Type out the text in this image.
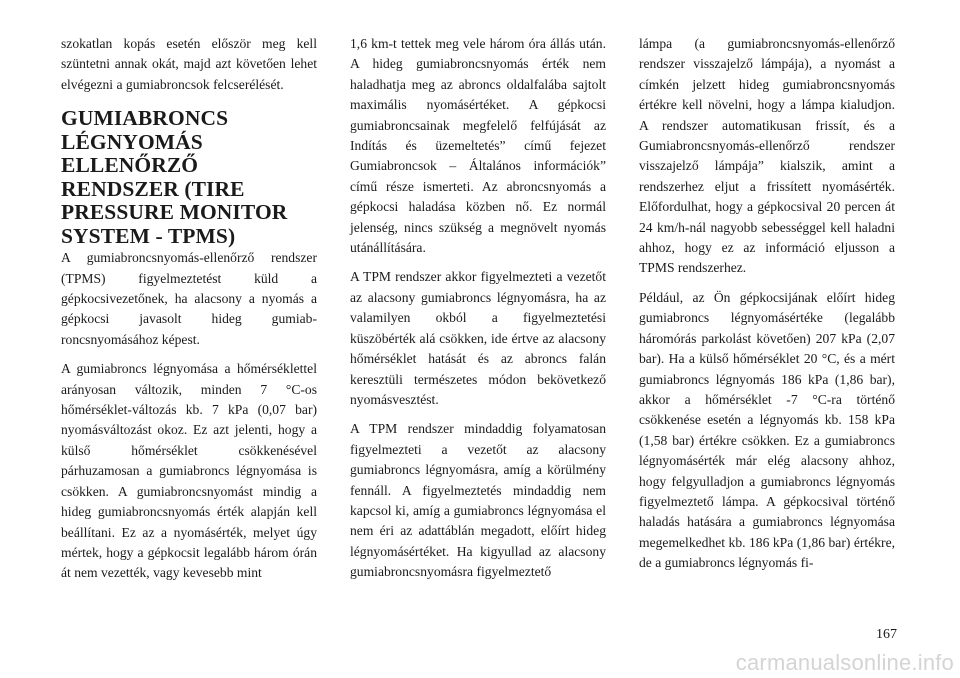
szokatlan kopás esetén először meg kell szüntetni annak okát, majd azt követően lehet elvégezni a gumiabroncsok felcserélését.

GUMIABRONCS LÉGNYOMÁS ELLENŐRZŐ RENDSZER (TIRE PRESSURE MONITOR SYSTEM - TPMS)

A gumiabroncsnyomás-ellenőrző rendszer (TPMS) figyelmeztetést küld a gépkocsivezetőnek, ha alacsony a nyomás a gépkocsi javasolt hideg gumiabroncsnyomásához képest.

A gumiabroncs légnyomása a hőmérséklettel arányosan változik, minden 7 °C-os hőmérséklet-változás kb. 7 kPa (0,07 bar) nyomásváltozást okoz. Ez azt jelenti, hogy a külső hőmérséklet csökkenésével párhuzamosan a gumiabroncs légnyomása is csökken. A gumiabroncsnyomást mindig a hideg gumiabroncsnyomás érték alapján kell beállítani. Ez az a nyomásérték, melyet úgy mértek, hogy a gépkocsit legalább három órán át nem vezették, vagy kevesebb mint

1,6 km-t tettek meg vele három óra állás után. A hideg gumiabroncsnyomás érték nem haladhatja meg az abroncs oldalfalába sajtolt maximális nyomásértéket. A gépkocsi gumiabroncsainak megfelelő felfújását az Indítás és üzemeltetés” című fejezet Gumiabroncsok – Általános információk” című része ismerteti. Az abroncsnyomás a gépkocsi haladása közben nő. Ez normál jelenség, nincs szükség a megnövelt nyomás utánállítására.

A TPM rendszer akkor figyelmezteti a vezetőt az alacsony gumiabroncs légnyomásra, ha az valamilyen okból a figyelmeztetési küszöbérték alá csökken, ide értve az alacsony hőmérséklet hatását és az abroncs falán keresztüli természetes módon bekövetkező nyomásvesztést.

A TPM rendszer mindaddig folyamatosan figyelmezteti a vezetőt az alacsony gumiabroncs légnyomásra, amíg a körülmény fennáll. A figyelmeztetés mindaddig nem kapcsol ki, amíg a gumiabroncs légnyomása el nem éri az adattáblán megadott, előírt hideg légnyomásértéket. Ha kigyullad az alacsony gumiabroncsnyomásra figyelmeztető

lámpa (a gumiabroncsnyomás-ellenőrző rendszer visszajelző lámpája), a nyomást a címkén jelzett hideg gumiabroncsnyomás értékre kell növelni, hogy a lámpa kialudjon. A rendszer automatikusan frissít, és a Gumiabroncsnyomás-ellenőrző rendszer visszajelző lámpája” kialszik, amint a rendszerhez eljut a frissített nyomásérték. Előfordulhat, hogy a gépkocsival 20 percen át 24 km/h-nál nagyobb sebességgel kell haladni ahhoz, hogy ez az információ eljusson a TPMS rendszerhez.

Például, az Ön gépkocsijának előírt hideg gumiabroncs légnyomásértéke (legalább háromórás parkolást követően) 207 kPa (2,07 bar). Ha a külső hőmérséklet 20 °C, és a mért gumiabroncs légnyomás 186 kPa (1,86 bar), akkor a hőmérséklet -7 °C-ra történő csökkenése esetén a légnyomás kb. 158 kPa (1,58 bar) értékre csökken. Ez a gumiabroncs légnyomásérték már elég alacsony ahhoz, hogy felgyulladjon a gumiabroncs légnyomás figyelmeztető lámpa. A gépkocsival történő haladás hatására a gumiabroncs légnyomása megemelkedhet kb. 186 kPa (1,86 bar) értékre, de a gumiabroncs légnyomás fi-

167
carmanualsonline.info
